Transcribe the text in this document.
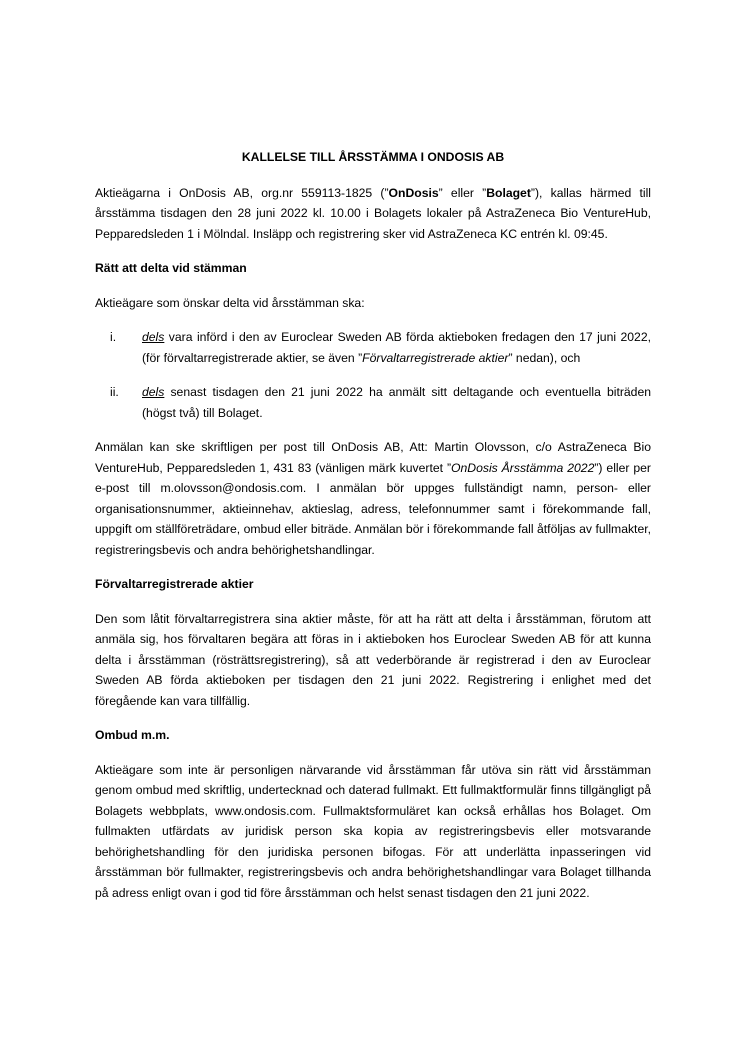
KALLELSE TILL ÅRSSTÄMMA I ONDOSIS AB

Aktieägarna i OnDosis AB, org.nr 559113-1825 (”OnDosis” eller ”Bolaget”), kallas härmed till årsstämma tisdagen den 28 juni 2022 kl. 10.00 i Bolagets lokaler på AstraZeneca Bio VentureHub, Pepparedsleden 1 i Mölndal. Insläpp och registrering sker vid AstraZeneca KC entrén kl. 09:45.

Rätt att delta vid stämman

Aktieägare som önskar delta vid årsstämman ska:

i. dels vara införd i den av Euroclear Sweden AB förda aktieboken fredagen den 17 juni 2022, (för förvaltarregistrerade aktier, se även ”Förvaltarregistrerade aktier” nedan), och

ii. dels senast tisdagen den 21 juni 2022 ha anmält sitt deltagande och eventuella biträden (högst två) till Bolaget.

Anmälan kan ske skriftligen per post till OnDosis AB, Att: Martin Olovsson, c/o AstraZeneca Bio VentureHub, Pepparedsleden 1, 431 83 (vänligen märk kuvertet ”OnDosis Årsstämma 2022”) eller per e-post till m.olovsson@ondosis.com. I anmälan bör uppges fullständigt namn, person- eller organisationsnummer, aktieinnehav, aktieslag, adress, telefonnummer samt i förekommande fall, uppgift om ställföreträdare, ombud eller biträde. Anmälan bör i förekommande fall åtföljas av fullmakter, registreringsbevis och andra behörighetshandlingar.

Förvaltarregistrerade aktier

Den som låtit förvaltarregistrera sina aktier måste, för att ha rätt att delta i årsstämman, förutom att anmäla sig, hos förvaltaren begära att föras in i aktieboken hos Euroclear Sweden AB för att kunna delta i årsstämman (rösträttsregistrering), så att vederbörande är registrerad i den av Euroclear Sweden AB förda aktieboken per tisdagen den 21 juni 2022. Registrering i enlighet med det föregående kan vara tillfällig.

Ombud m.m.

Aktieägare som inte är personligen närvarande vid årsstämman får utöva sin rätt vid årsstämman genom ombud med skriftlig, undertecknad och daterad fullmakt. Ett fullmaktformulär finns tillgängligt på Bolagets webbplats, www.ondosis.com. Fullmaktsformuläret kan också erhållas hos Bolaget. Om fullmakten utfärdats av juridisk person ska kopia av registreringsbevis eller motsvarande behörighetshandling för den juridiska personen bifogas. För att underlätta inpasseringen vid årsstämman bör fullmakter, registreringsbevis och andra behörighetshandlingar vara Bolaget tillhanda på adress enligt ovan i god tid före årsstämman och helst senast tisdagen den 21 juni 2022.
